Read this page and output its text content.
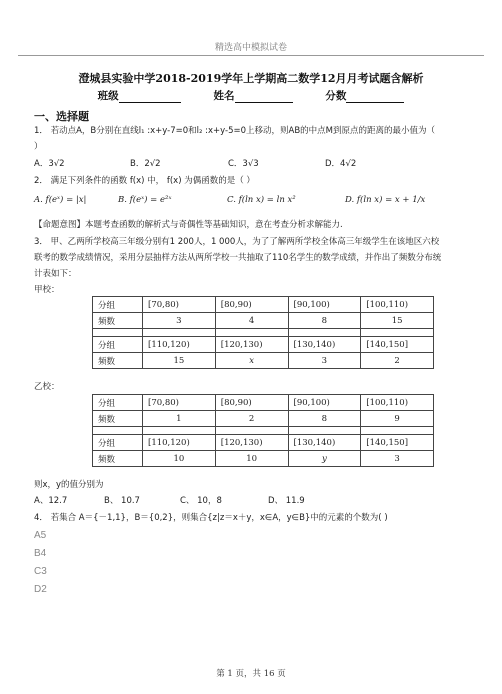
精选高中模拟试卷
澄城县实验中学2018-2019学年上学期高二数学12月月考试题含解析
班级	姓名	分数
一、选择题
1． 若动点A，B分别在直线l₁ :x+y-7=0和l₂ :x+y-5=0上移动，则AB的中点M到原点的距离的最小值为（
）
A．3√2	B．2√2	C．3√3	D．4√2
2． 满足下列条件的函数 f(x) 中， f(x) 为偶函数的是（ ）
A. f(eˣ) = |x|	B. f(eˣ) = e²ˣ	C. f(ln x) = ln x²	D. f(ln x) = x + 1/x
【命题意图】本题考查函数的解析式与奇偶性等基础知识，意在考查分析求解能力.
3． 甲、乙两所学校高三年级分别有1 200人，1 000人，为了了解两所学校全体高三年级学生在该地区六校
联考的数学成绩情况，采用分层抽样方法从两所学校一共抽取了110名学生的数学成绩，并作出了频数分布统
计表如下：
甲校：
分组	[70,80)	[80,90)	[90,100)	[100,110)
频数	3	4	8	15

分组	[110,120)	[120,130)	[130,140)	[140,150]
频数	15	x	3	2
乙校：
分组	[70,80)	[80,90)	[90,100)	[100,110)
频数	1	2	8	9

分组	[110,120)	[120,130)	[130,140)	[140,150]
频数	10	10	y	3
则x，y的值分别为
A、12.7	B、 10.7	C、 10，8	D、 11.9
4． 若集合 A＝{－1,1}，B＝{0,2}，则集合{z|z＝x＋y，x∈A，y∈B}中的元素的个数为( )
A5
B4
C3
D2
第 1 页，共 16 页
